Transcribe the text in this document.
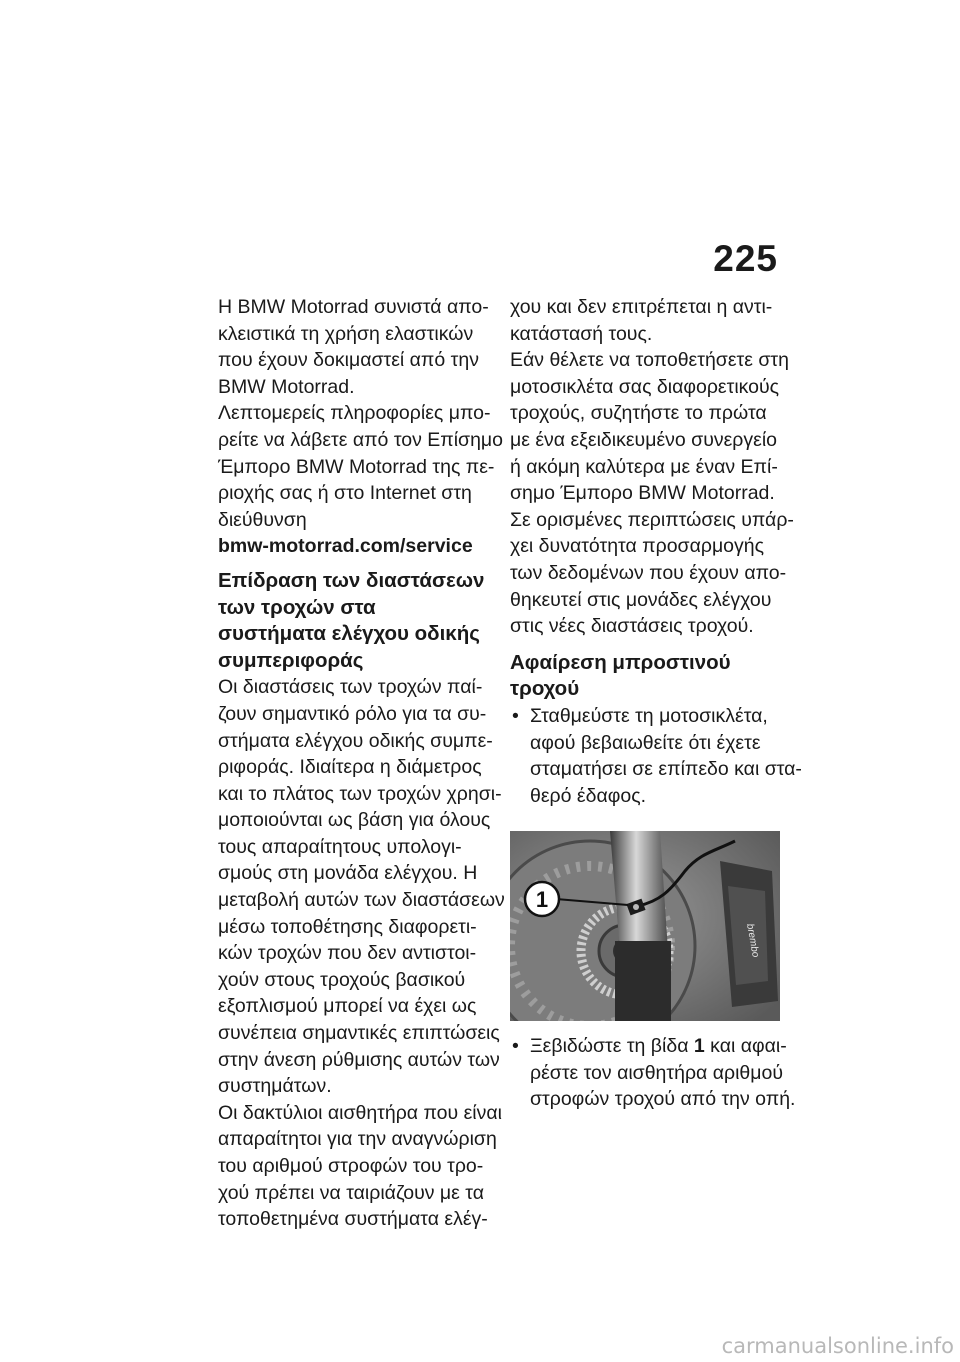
225

Η BMW Motorrad συνιστά απο-
κλειστικά τη χρήση ελαστικών
που έχουν δοκιμαστεί από την
BMW Motorrad.
Λεπτομερείς πληροφορίες μπο-
ρείτε να λάβετε από τον Επίσημο
Έμπορο BMW Motorrad της πε-
ριοχής σας ή στο Internet στη
διεύθυνση

bmw-motorrad.com/service

Επίδραση των διαστάσεων
των τροχών στα
συστήματα ελέγχου οδικής
συμπεριφοράς

Οι διαστάσεις των τροχών παί-
ζουν σημαντικό ρόλο για τα συ-
στήματα ελέγχου οδικής συμπε-
ριφοράς. Ιδιαίτερα η διάμετρος
και το πλάτος των τροχών χρησι-
μοποιούνται ως βάση για όλους
τους απαραίτητους υπολογι-
σμούς στη μονάδα ελέγχου. Η
μεταβολή αυτών των διαστάσεων
μέσω τοποθέτησης διαφορετι-
κών τροχών που δεν αντιστοι-
χούν στους τροχούς βασικού
εξοπλισμού μπορεί να έχει ως
συνέπεια σημαντικές επιπτώσεις
στην άνεση ρύθμισης αυτών των
συστημάτων.
Οι δακτύλιοι αισθητήρα που είναι
απαραίτητοι για την αναγνώριση
του αριθμού στροφών του τρο-
χού πρέπει να ταιριάζουν με τα
τοποθετημένα συστήματα ελέγ-

χου και δεν επιτρέπεται η αντι-
κατάστασή τους.
Εάν θέλετε να τοποθετήσετε στη
μοτοσικλέτα σας διαφορετικούς
τροχούς, συζητήστε το πρώτα
με ένα εξειδικευμένο συνεργείο
ή ακόμη καλύτερα με έναν Επί-
σημο Έμπορο BMW Motorrad.
Σε ορισμένες περιπτώσεις υπάρ-
χει δυνατότητα προσαρμογής
των δεδομένων που έχουν απο-
θηκευτεί στις μονάδες ελέγχου
στις νέες διαστάσεις τροχού.

Αφαίρεση μπροστινού
τροχού
• Σταθμεύστε τη μοτοσικλέτα,
αφού βεβαιωθείτε ότι έχετε
σταματήσει σε επίπεδο και στα-
θερό έδαφος.
1
brembo
• Ξεβιδώστε τη βίδα 1 και αφαι-
ρέστε τον αισθητήρα αριθμού
στροφών τροχού από την οπή.
carmanualsonline.info
